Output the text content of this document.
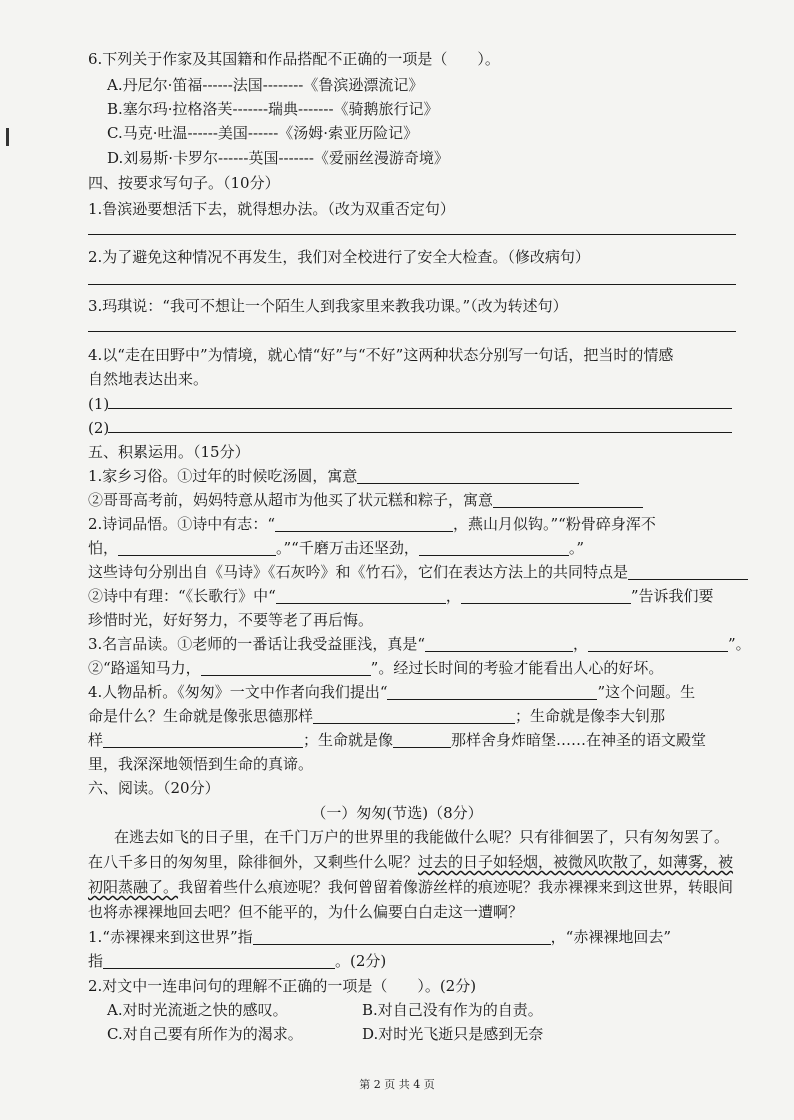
6.下列关于作家及其国籍和作品搭配不正确的一项是（　　）。
A.丹尼尔·笛福------法国--------《鲁滨逊漂流记》
B.塞尔玛·拉格洛芙-------瑞典-------《骑鹅旅行记》
C.马克·吐温------美国------《汤姆·索亚历险记》
D.刘易斯·卡罗尔------英国-------《爱丽丝漫游奇境》
四、按要求写句子。（10分）
1.鲁滨逊要想活下去，就得想办法。（改为双重否定句）
2.为了避免这种情况不再发生，我们对全校进行了安全大检查。（修改病句）
3.玛琪说：“我可不想让一个陌生人到我家里来教我功课。”（改为转述句）
4.以“走在田野中”为情境，就心情“好”与“不好”这两种状态分别写一句话，把当时的情感
自然地表达出来。
(1)
(2)
五、积累运用。（15分）
1.家乡习俗。①过年的时候吃汤圆，寓意
②哥哥高考前，妈妈特意从超市为他买了状元糕和粽子，寓意
2.诗词品悟。①诗中有志：“	，燕山月似钩。”“粉骨碎身浑不
怕，	。”“千磨万击还坚劲，	。”
这些诗句分别出自《马诗》《石灰吟》和《竹石》，它们在表达方法上的共同特点是
②诗中有理：“《长歌行》中“	，	”告诉我们要
珍惜时光，好好努力，不要等老了再后悔。
3.名言品读。①老师的一番话让我受益匪浅，真是“	，	”。
②“路遥知马力，	”。经过长时间的考验才能看出人心的好坏。
4.人物品析。《匆匆》一文中作者向我们提出“	”这个问题。生
命是什么？生命就是像张思德那样	；生命就是像李大钊那
样	；生命就是像	那样舍身炸暗堡……在神圣的语文殿堂
里，我深深地领悟到生命的真谛。
六、阅读。（20分）
（一）匆匆(节选)（8分）
在逃去如飞的日子里，在千门万户的世界里的我能做什么呢？只有徘徊罢了，只有匆匆罢了。
在八千多日的匆匆里，除徘徊外，又剩些什么呢？过去的日子如轻烟，被微风吹散了，如薄雾，被
初阳蒸融了。我留着些什么痕迹呢？我何曾留着像游丝样的痕迹呢？我赤裸裸来到这世界，转眼间
也将赤裸裸地回去吧？但不能平的，为什么偏要白白走这一遭啊？
1.“赤裸裸来到这世界”指	，“赤裸裸地回去”
指	。(2分)
2.对文中一连串问句的理解不正确的一项是（　　）。(2分)
A.对时光流逝之快的感叹。	B.对自己没有作为的自责。
C.对自己要有所作为的渴求。	D.对时光飞逝只是感到无奈
第 2 页 共 4 页
